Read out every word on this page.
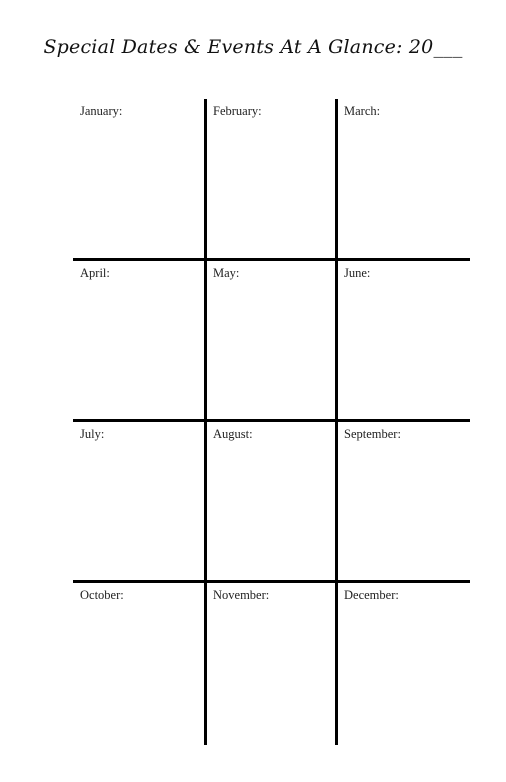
Special Dates & Events At A Glance: 20___
January:	February:	March:
April:	May:	June:
July:	August:	September:
October:	November:	December:
